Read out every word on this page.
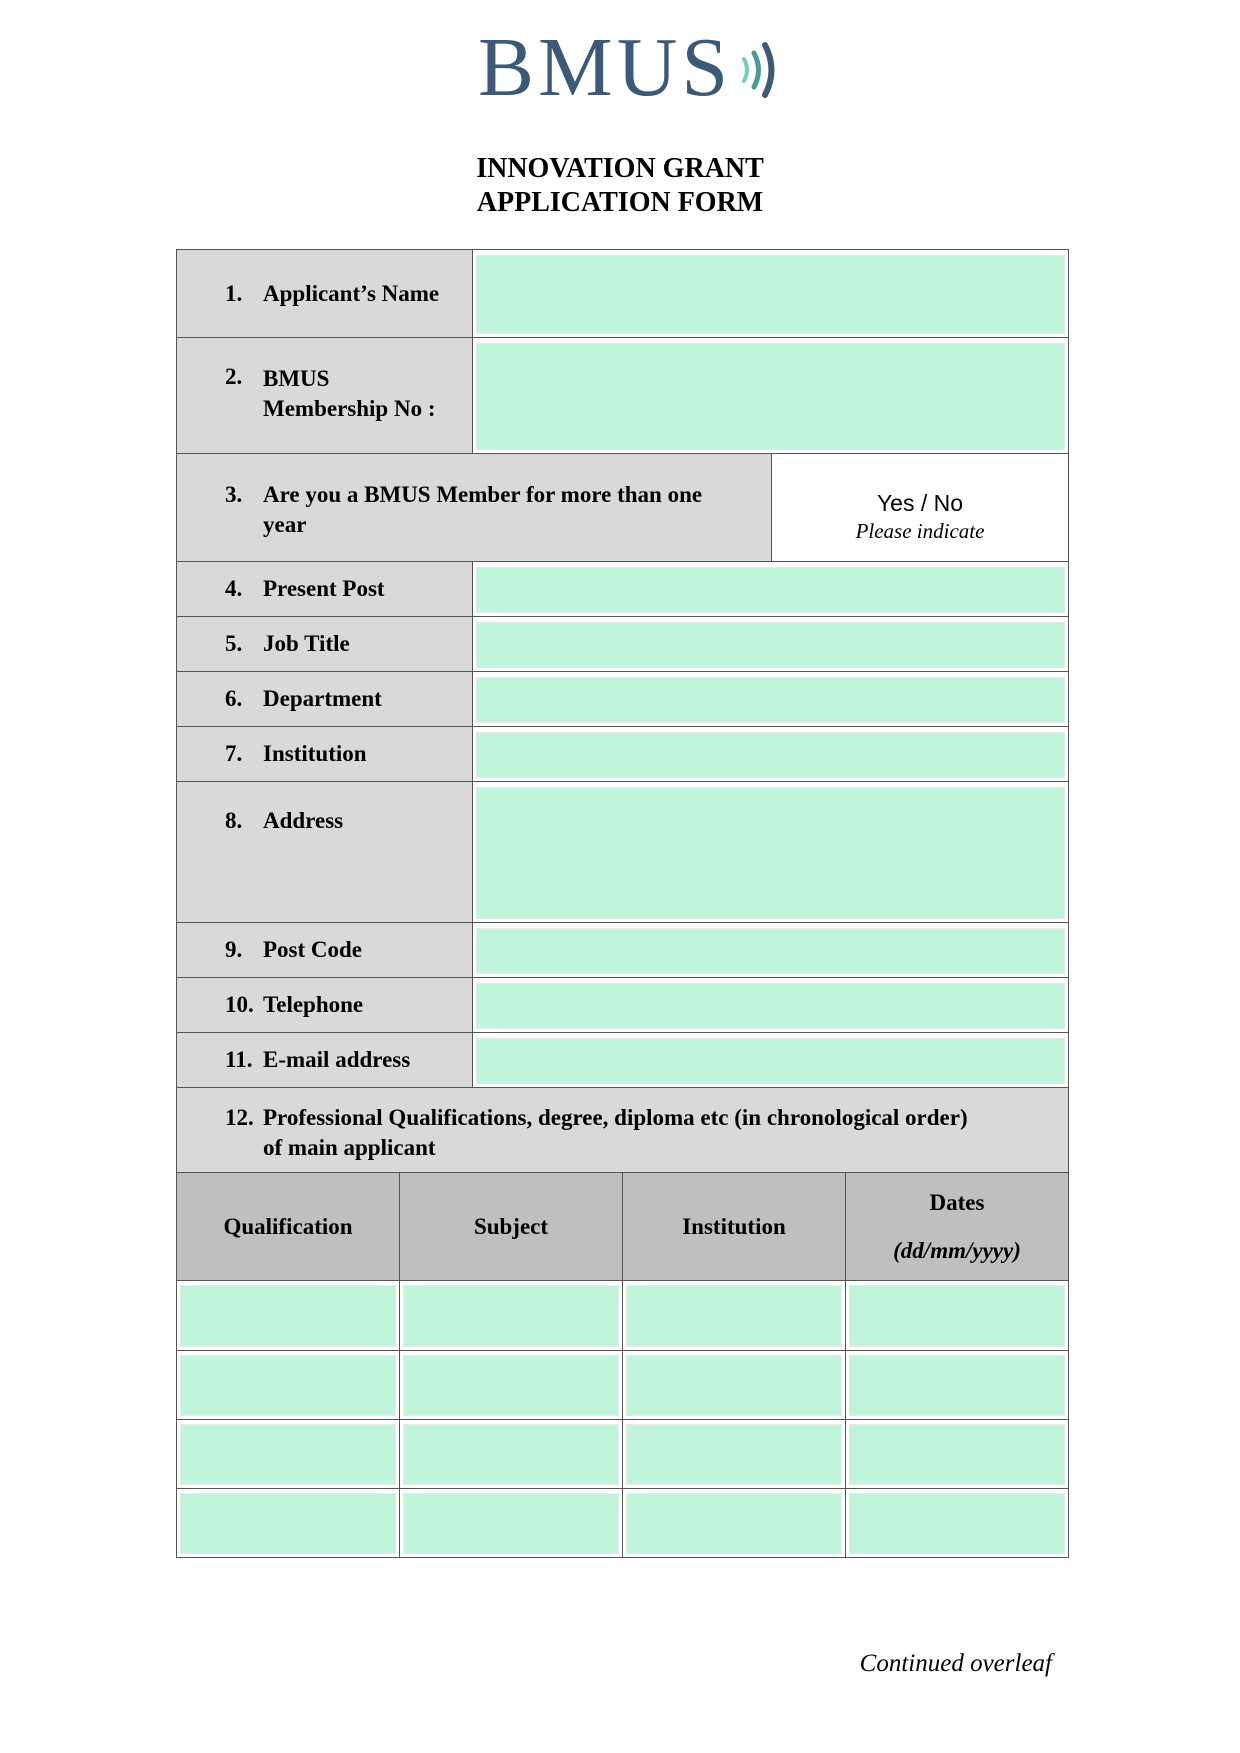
BMUS
INNOVATION GRANT
APPLICATION FORM
1. Applicant’s Name
2. BMUS
Membership No :
3. Are you a BMUS Member for more than one
year
Yes / No
Please indicate
4. Present Post
5. Job Title
6. Department
7. Institution
8. Address
9. Post Code
10. Telephone
11. E-mail address
12. Professional Qualifications, degree, diploma etc (in chronological order)
of main applicant
Qualification	Subject	Institution
Dates
(dd/mm/yyyy)
Continued overleaf
